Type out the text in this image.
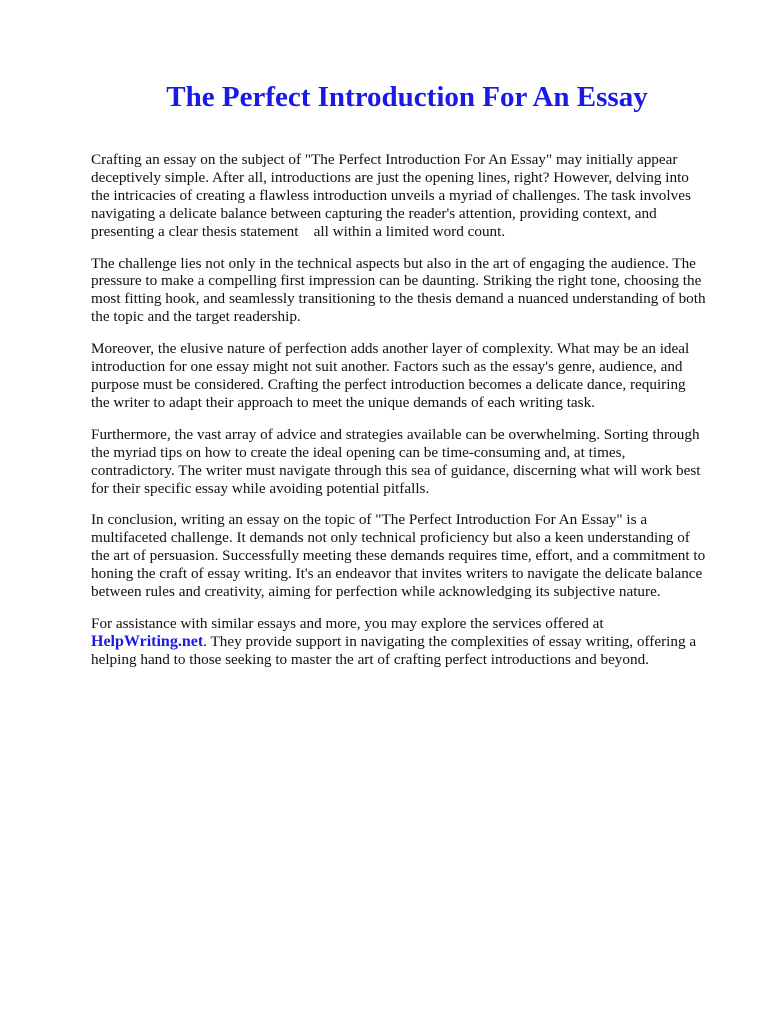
The Perfect Introduction For An Essay

Crafting an essay on the subject of "The Perfect Introduction For An Essay" may initially appear
deceptively simple. After all, introductions are just the opening lines, right? However, delving into
the intricacies of creating a flawless introduction unveils a myriad of challenges. The task involves
navigating a delicate balance between capturing the reader's attention, providing context, and
presenting a clear thesis statement    all within a limited word count.

The challenge lies not only in the technical aspects but also in the art of engaging the audience. The
pressure to make a compelling first impression can be daunting. Striking the right tone, choosing the
most fitting hook, and seamlessly transitioning to the thesis demand a nuanced understanding of both
the topic and the target readership.

Moreover, the elusive nature of perfection adds another layer of complexity. What may be an ideal
introduction for one essay might not suit another. Factors such as the essay's genre, audience, and
purpose must be considered. Crafting the perfect introduction becomes a delicate dance, requiring
the writer to adapt their approach to meet the unique demands of each writing task.

Furthermore, the vast array of advice and strategies available can be overwhelming. Sorting through
the myriad tips on how to create the ideal opening can be time-consuming and, at times,
contradictory. The writer must navigate through this sea of guidance, discerning what will work best
for their specific essay while avoiding potential pitfalls.

In conclusion, writing an essay on the topic of "The Perfect Introduction For An Essay" is a
multifaceted challenge. It demands not only technical proficiency but also a keen understanding of
the art of persuasion. Successfully meeting these demands requires time, effort, and a commitment to
honing the craft of essay writing. It's an endeavor that invites writers to navigate the delicate balance
between rules and creativity, aiming for perfection while acknowledging its subjective nature.

For assistance with similar essays and more, you may explore the services offered at
HelpWriting.net. They provide support in navigating the complexities of essay writing, offering a
helping hand to those seeking to master the art of crafting perfect introductions and beyond.
